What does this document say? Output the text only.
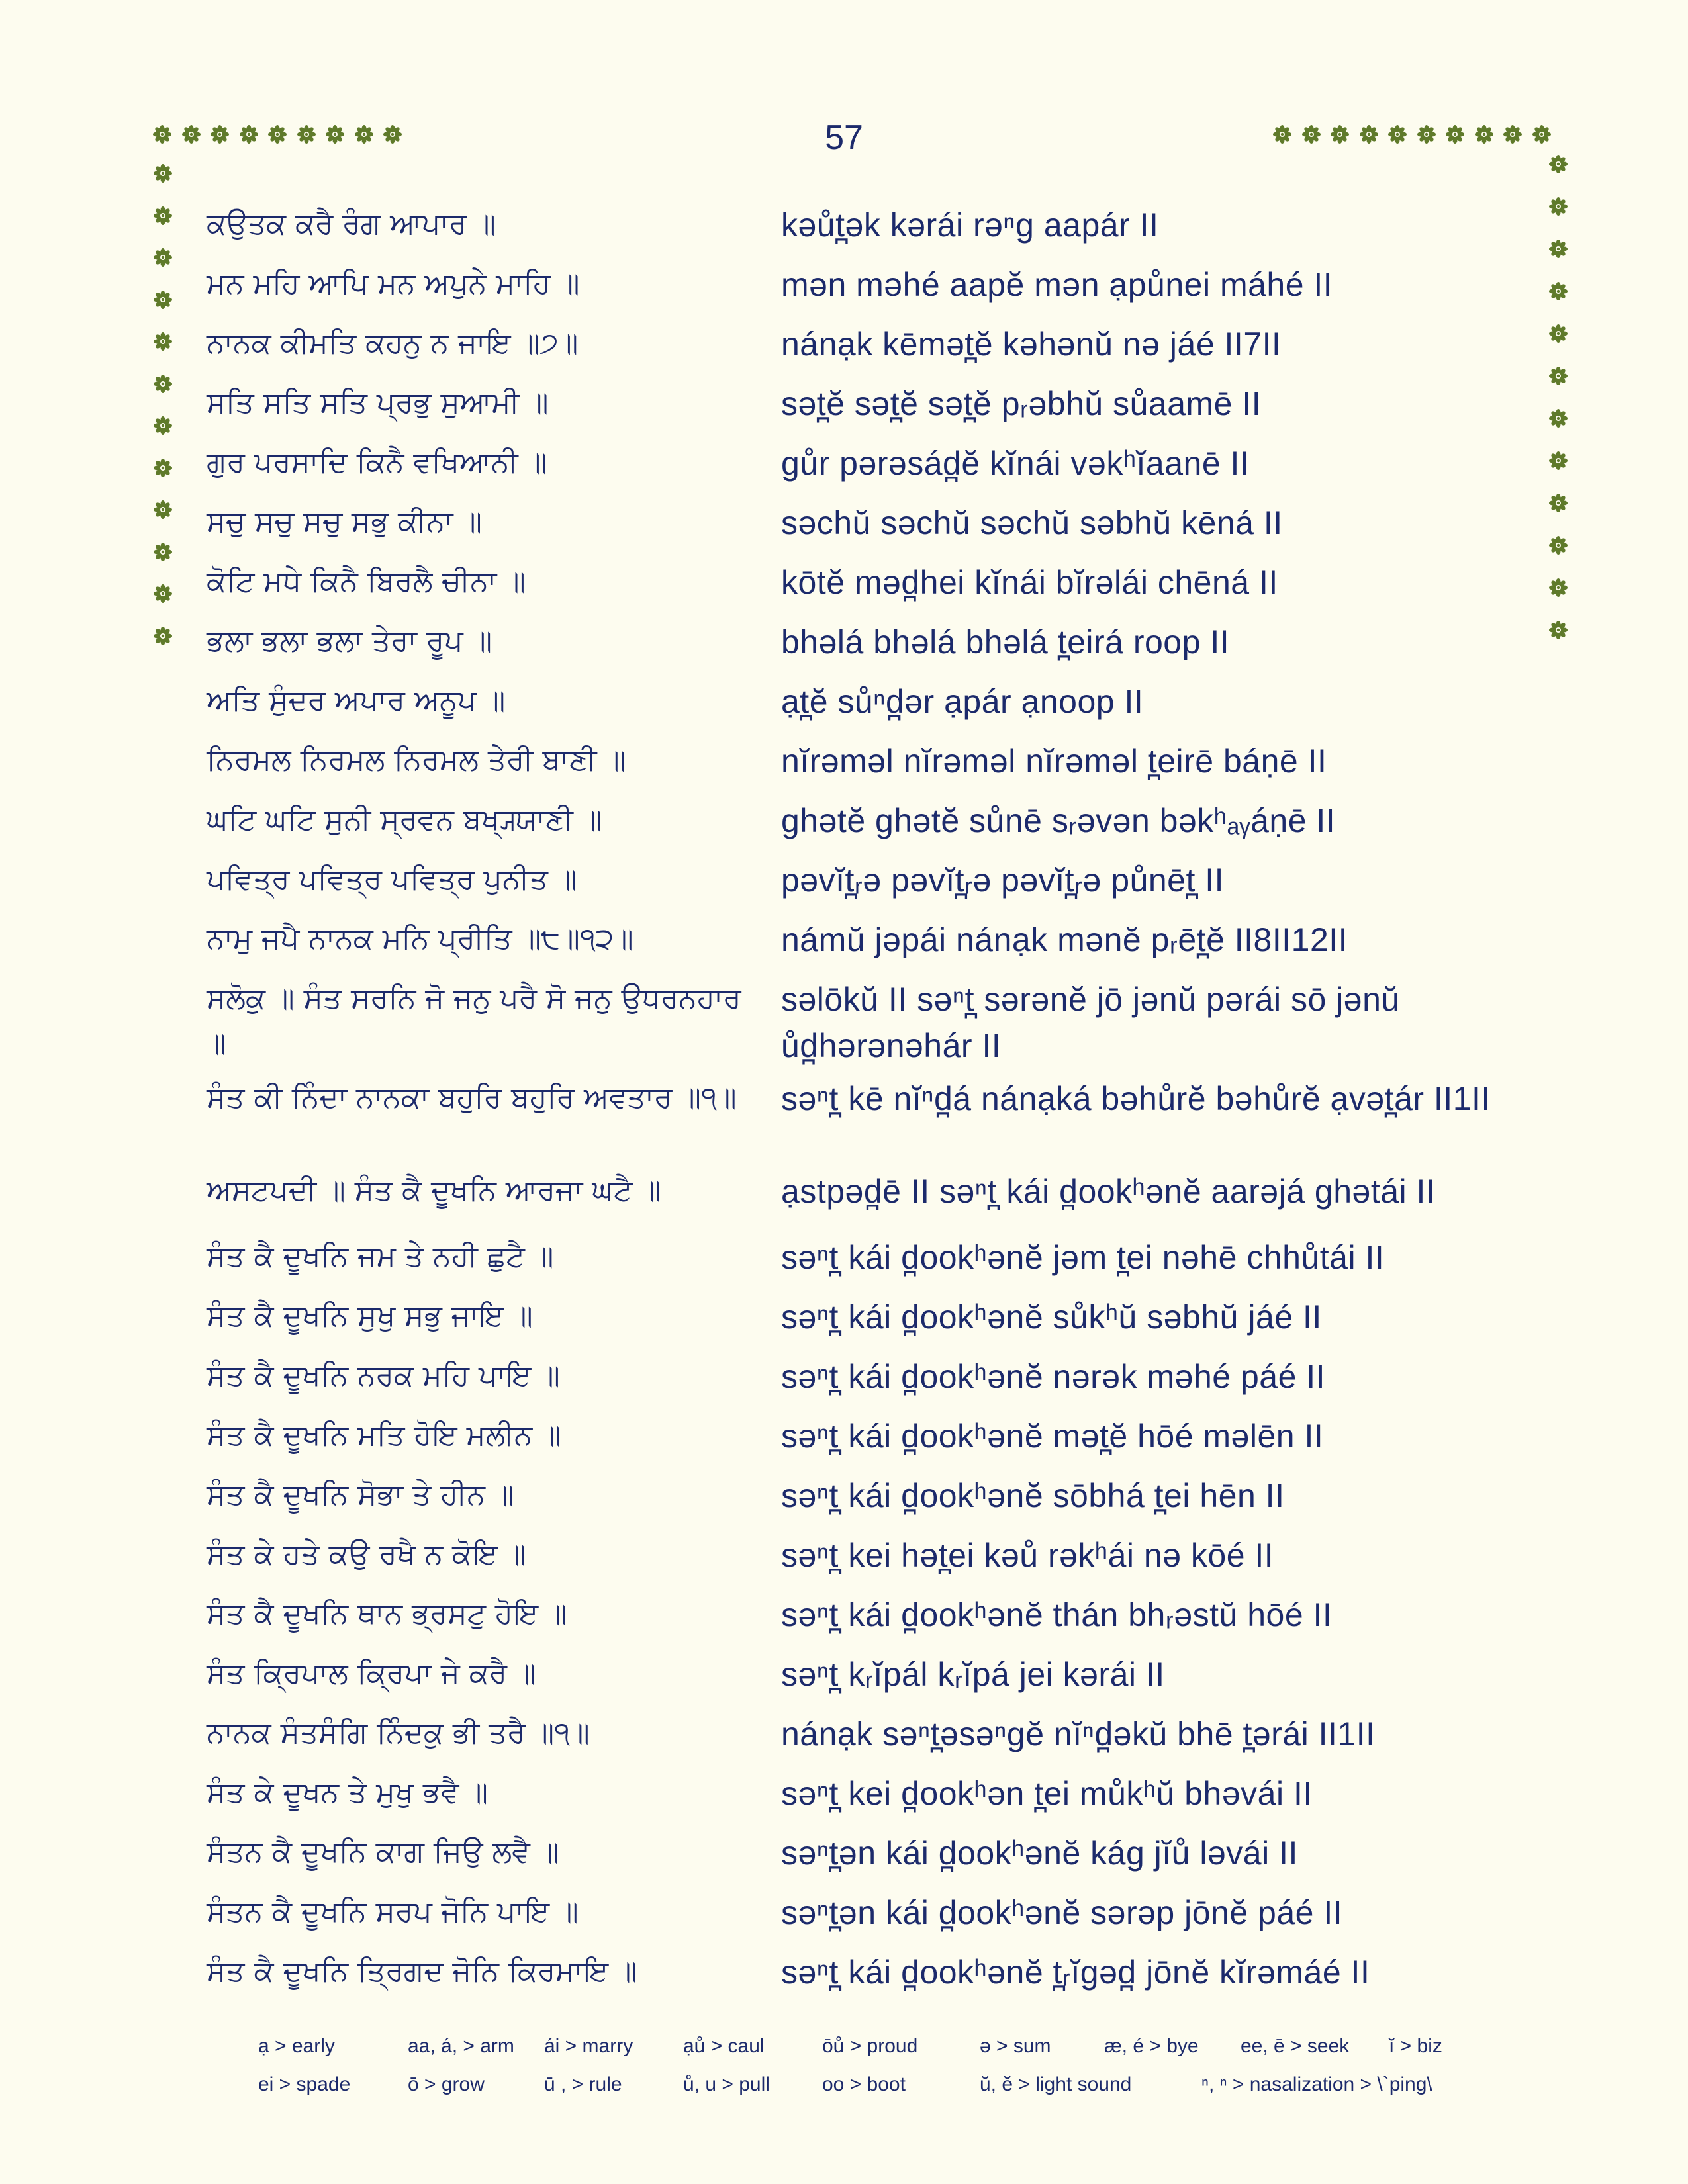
57
ਕਉਤਕ ਕਰੈ ਰੰਗ ਆਪਾਰ ॥	kəůt̪ək kərái rəⁿg aapár II
ਮਨ ਮਹਿ ਆਪਿ ਮਨ ਅਪੁਨੇ ਮਾਹਿ ॥	mən məhé aapĕ mən ạpůnei máhé II
ਨਾਨਕ ਕੀਮਤਿ ਕਹਨੁ ਨ ਜਾਇ ॥੭॥	nánạk kēmət̪ĕ kəhənŭ nə jáé II7II
ਸਤਿ ਸਤਿ ਸਤਿ ਪ੍ਰਭੁ ਸੁਆਮੀ ॥	sət̪ĕ sət̪ĕ sət̪ĕ pᵣəbhŭ sůaamē II
ਗੁਰ ਪਰਸਾਦਿ ਕਿਨੈ ਵਖਿਆਨੀ ॥	gůr pərəsád̪ĕ kĭnái vəkʰĭaanē II
ਸਚੁ ਸਚੁ ਸਚੁ ਸਭੁ ਕੀਨਾ ॥	səchŭ səchŭ səchŭ səbhŭ kēná II
ਕੋਟਿ ਮਧੇ ਕਿਨੈ ਬਿਰਲੈ ਚੀਨਾ ॥	kōtĕ məd̪hei kĭnái bĭrəlái chēná II
ਭਲਾ ਭਲਾ ਭਲਾ ਤੇਰਾ ਰੂਪ ॥	bhəlá bhəlá bhəlá t̪eirá roop II
ਅਤਿ ਸੁੰਦਰ ਅਪਾਰ ਅਨੂਪ ॥	ạt̪ĕ sůⁿd̪ər ạpár ạnoop II
ਨਿਰਮਲ ਨਿਰਮਲ ਨਿਰਮਲ ਤੇਰੀ ਬਾਣੀ ॥	nĭrəməl nĭrəməl nĭrəməl t̪eirē báṇē II
ਘਟਿ ਘਟਿ ਸੁਨੀ ਸ੍ਰਵਨ ਬਖ੍ਯ੍ਯਾਣੀ ॥	ghətĕ ghətĕ sůnē sᵣəvən bəkʰₐᵧáṇē II
ਪਵਿਤ੍ਰ ਪਵਿਤ੍ਰ ਪਵਿਤ੍ਰ ਪੁਨੀਤ ॥	pəvĭt̪ᵣə pəvĭt̪ᵣə pəvĭt̪ᵣə půnēt̪ II
ਨਾਮੁ ਜਪੈ ਨਾਨਕ ਮਨਿ ਪ੍ਰੀਤਿ ॥੮॥੧੨॥	námŭ jəpái nánạk mənĕ pᵣēt̪ĕ II8II12II
ਸਲੋਕੁ ॥ ਸੰਤ ਸਰਨਿ ਜੋ ਜਨੁ ਪਰੈ ਸੋ ਜਨੁ ਉਧਰਨਹਾਰ ॥
səlōkŭ II səⁿt̪ sərənĕ jō jənŭ pərái sō jənŭ ůd̪hərənəhár II
ਸੰਤ ਕੀ ਨਿੰਦਾ ਨਾਨਕਾ ਬਹੁਰਿ ਬਹੁਰਿ ਅਵਤਾਰ ॥੧॥	səⁿt̪ kē nĭⁿd̪á nánạká bəhůrĕ bəhůrĕ ạvət̪ár II1II
ਅਸਟਪਦੀ ॥ ਸੰਤ ਕੈ ਦੂਖਨਿ ਆਰਜਾ ਘਟੈ ॥	ạstpəd̪ē II səⁿt̪ kái d̪ookʰənĕ aarəjá ghətái II
ਸੰਤ ਕੈ ਦੂਖਨਿ ਜਮ ਤੇ ਨਹੀ ਛੁਟੈ ॥	səⁿt̪ kái d̪ookʰənĕ jəm t̪ei nəhē chhůtái II
ਸੰਤ ਕੈ ਦੂਖਨਿ ਸੁਖੁ ਸਭੁ ਜਾਇ ॥	səⁿt̪ kái d̪ookʰənĕ sůkʰŭ səbhŭ jáé II
ਸੰਤ ਕੈ ਦੂਖਨਿ ਨਰਕ ਮਹਿ ਪਾਇ ॥	səⁿt̪ kái d̪ookʰənĕ nərək məhé páé II
ਸੰਤ ਕੈ ਦੂਖਨਿ ਮਤਿ ਹੋਇ ਮਲੀਨ ॥	səⁿt̪ kái d̪ookʰənĕ mət̪ĕ hōé məlēn II
ਸੰਤ ਕੈ ਦੂਖਨਿ ਸੋਭਾ ਤੇ ਹੀਨ ॥	səⁿt̪ kái d̪ookʰənĕ sōbhá t̪ei hēn II
ਸੰਤ ਕੇ ਹਤੇ ਕਉ ਰਖੈ ਨ ਕੋਇ ॥	səⁿt̪ kei hət̪ei kəů rəkʰái nə kōé II
ਸੰਤ ਕੈ ਦੂਖਨਿ ਥਾਨ ਭ੍ਰਸਟੁ ਹੋਇ ॥	səⁿt̪ kái d̪ookʰənĕ thán bhᵣəstŭ hōé II
ਸੰਤ ਕ੍ਰਿਪਾਲ ਕ੍ਰਿਪਾ ਜੇ ਕਰੈ ॥	səⁿt̪ kᵣĭpál kᵣĭpá jei kərái II
ਨਾਨਕ ਸੰਤਸੰਗਿ ਨਿੰਦਕੁ ਭੀ ਤਰੈ ॥੧॥	nánạk səⁿt̪əsəⁿgĕ nĭⁿd̪əkŭ bhē t̪ərái II1II
ਸੰਤ ਕੇ ਦੂਖਨ ਤੇ ਮੁਖੁ ਭਵੈ ॥	səⁿt̪ kei d̪ookʰən t̪ei můkʰŭ bhəvái II
ਸੰਤਨ ਕੈ ਦੂਖਨਿ ਕਾਗ ਜਿਉ ਲਵੈ ॥	səⁿt̪ən kái d̪ookʰənĕ kág jĭů ləvái II
ਸੰਤਨ ਕੈ ਦੂਖਨਿ ਸਰਪ ਜੋਨਿ ਪਾਇ ॥	səⁿt̪ən kái d̪ookʰənĕ sərəp jōnĕ páé II
ਸੰਤ ਕੈ ਦੂਖਨਿ ਤ੍ਰਿਗਦ ਜੋਨਿ ਕਿਰਮਾਇ ॥	səⁿt̪ kái d̪ookʰənĕ t̪ᵣĭgəd̪ jōnĕ kĭrəmáé II
ạ > early	aa, á, > arm ái > marry	ạů > caul	ōů > proud	ə > sum	æ, é > bye ee, ē > seek ĭ > biz
ei > spade	ō > grow	ū , > rule	ů, u > pull	oo > boot	ŭ, ĕ > light sound	ⁿ, ⁿ > nasalization > \`ping\
